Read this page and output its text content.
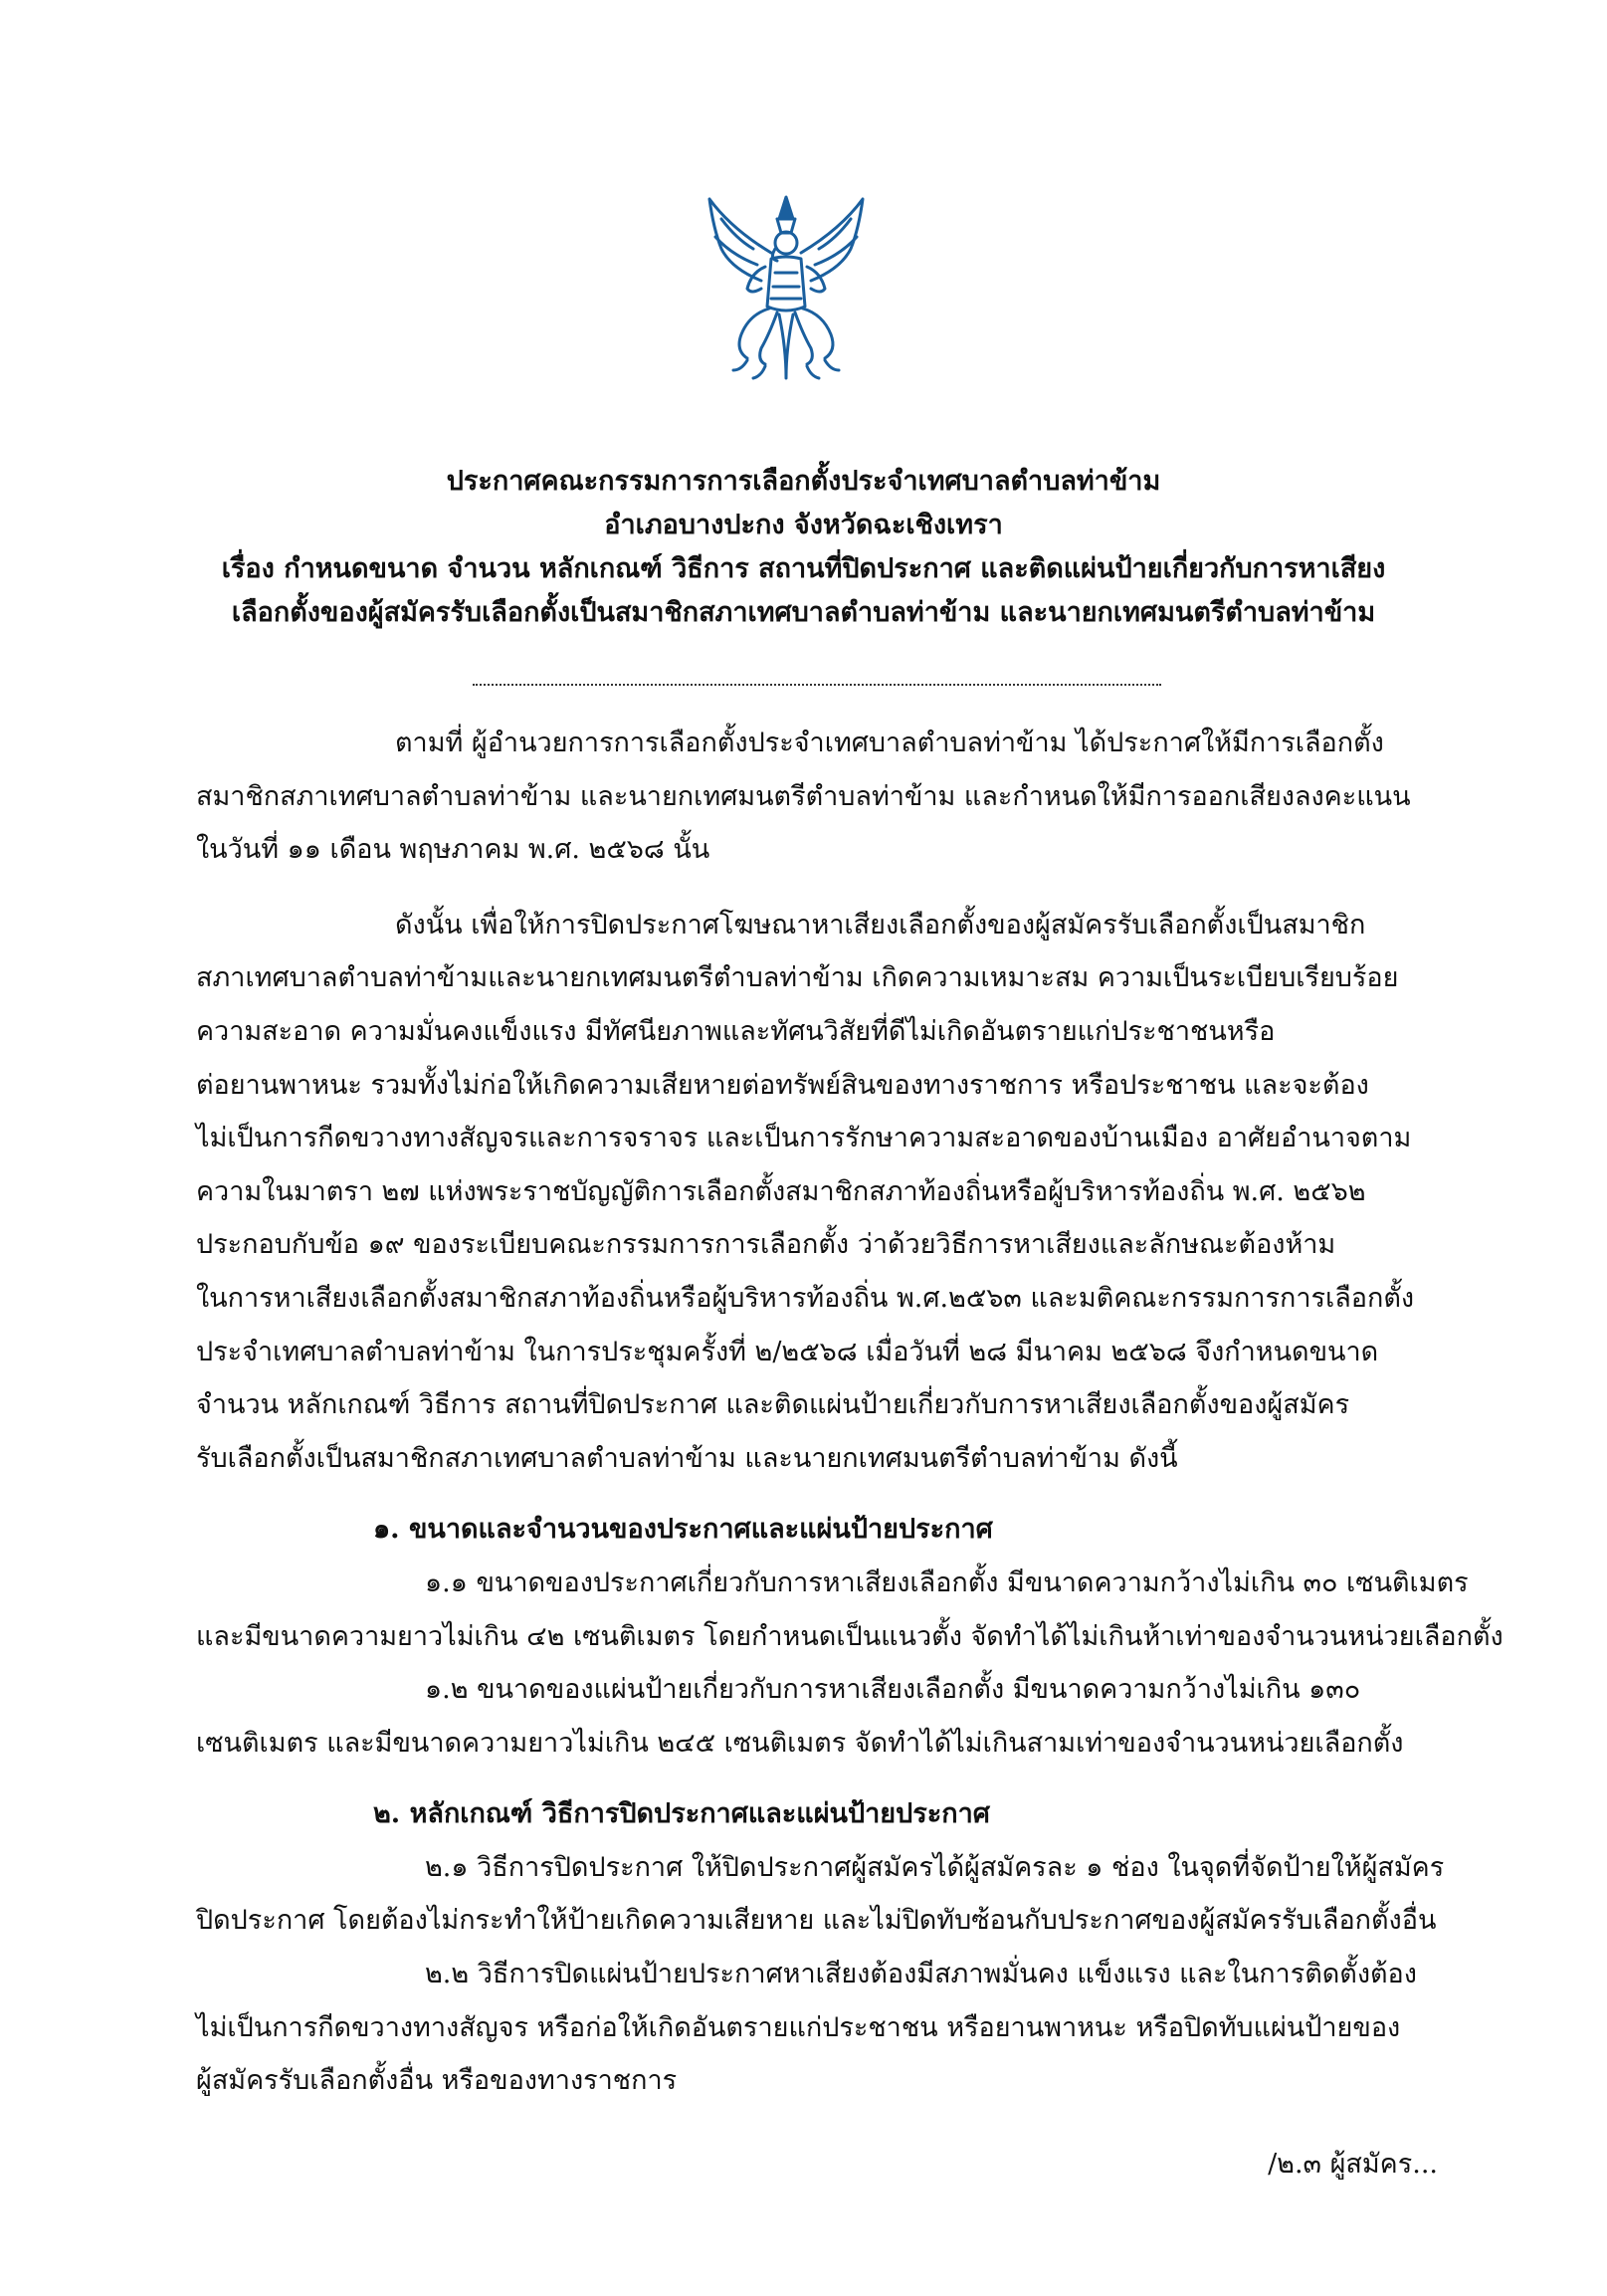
ประกาศคณะกรรมการการเลือกตั้งประจำเทศบาลตำบลท่าข้าม
อำเภอบางปะกง จังหวัดฉะเชิงเทรา
เรื่อง กำหนดขนาด จำนวน หลักเกณฑ์ วิธีการ สถานที่ปิดประกาศ และติดแผ่นป้ายเกี่ยวกับการหาเสียง
เลือกตั้งของผู้สมัครรับเลือกตั้งเป็นสมาชิกสภาเทศบาลตำบลท่าข้าม และนายกเทศมนตรีตำบลท่าข้าม
ตามที่ ผู้อำนวยการการเลือกตั้งประจำเทศบาลตำบลท่าข้าม ได้ประกาศให้มีการเลือกตั้ง
สมาชิกสภาเทศบาลตำบลท่าข้าม และนายกเทศมนตรีตำบลท่าข้าม และกำหนดให้มีการออกเสียงลงคะแนน
ในวันที่ ๑๑ เดือน พฤษภาคม พ.ศ. ๒๕๖๘ นั้น
ดังนั้น เพื่อให้การปิดประกาศโฆษณาหาเสียงเลือกตั้งของผู้สมัครรับเลือกตั้งเป็นสมาชิก
สภาเทศบาลตำบลท่าข้ามและนายกเทศมนตรีตำบลท่าข้าม เกิดความเหมาะสม ความเป็นระเบียบเรียบร้อย
ความสะอาด ความมั่นคงแข็งแรง มีทัศนียภาพและทัศนวิสัยที่ดีไม่เกิดอันตรายแก่ประชาชนหรือ
ต่อยานพาหนะ รวมทั้งไม่ก่อให้เกิดความเสียหายต่อทรัพย์สินของทางราชการ หรือประชาชน และจะต้อง
ไม่เป็นการกีดขวางทางสัญจรและการจราจร และเป็นการรักษาความสะอาดของบ้านเมือง อาศัยอำนาจตาม
ความในมาตรา ๒๗ แห่งพระราชบัญญัติการเลือกตั้งสมาชิกสภาท้องถิ่นหรือผู้บริหารท้องถิ่น พ.ศ. ๒๕๖๒
ประกอบกับข้อ ๑๙ ของระเบียบคณะกรรมการการเลือกตั้ง ว่าด้วยวิธีการหาเสียงและลักษณะต้องห้าม
ในการหาเสียงเลือกตั้งสมาชิกสภาท้องถิ่นหรือผู้บริหารท้องถิ่น พ.ศ.๒๕๖๓ และมติคณะกรรมการการเลือกตั้ง
ประจำเทศบาลตำบลท่าข้าม ในการประชุมครั้งที่ ๒/๒๕๖๘ เมื่อวันที่ ๒๘ มีนาคม ๒๕๖๘ จึงกำหนดขนาด
จำนวน หลักเกณฑ์ วิธีการ สถานที่ปิดประกาศ และติดแผ่นป้ายเกี่ยวกับการหาเสียงเลือกตั้งของผู้สมัคร
รับเลือกตั้งเป็นสมาชิกสภาเทศบาลตำบลท่าข้าม และนายกเทศมนตรีตำบลท่าข้าม ดังนี้
๑. ขนาดและจำนวนของประกาศและแผ่นป้ายประกาศ
๑.๑ ขนาดของประกาศเกี่ยวกับการหาเสียงเลือกตั้ง มีขนาดความกว้างไม่เกิน ๓๐ เซนติเมตร
และมีขนาดความยาวไม่เกิน ๔๒ เซนติเมตร โดยกำหนดเป็นแนวตั้ง จัดทำได้ไม่เกินห้าเท่าของจำนวนหน่วยเลือกตั้ง
๑.๒ ขนาดของแผ่นป้ายเกี่ยวกับการหาเสียงเลือกตั้ง มีขนาดความกว้างไม่เกิน ๑๓๐
เซนติเมตร และมีขนาดความยาวไม่เกิน ๒๔๕ เซนติเมตร จัดทำได้ไม่เกินสามเท่าของจำนวนหน่วยเลือกตั้ง
๒. หลักเกณฑ์ วิธีการปิดประกาศและแผ่นป้ายประกาศ
๒.๑ วิธีการปิดประกาศ ให้ปิดประกาศผู้สมัครได้ผู้สมัครละ ๑ ช่อง ในจุดที่จัดป้ายให้ผู้สมัคร
ปิดประกาศ โดยต้องไม่กระทำให้ป้ายเกิดความเสียหาย และไม่ปิดทับซ้อนกับประกาศของผู้สมัครรับเลือกตั้งอื่น
๒.๒ วิธีการปิดแผ่นป้ายประกาศหาเสียงต้องมีสภาพมั่นคง แข็งแรง และในการติดตั้งต้อง
ไม่เป็นการกีดขวางทางสัญจร หรือก่อให้เกิดอันตรายแก่ประชาชน หรือยานพาหนะ หรือปิดทับแผ่นป้ายของ
ผู้สมัครรับเลือกตั้งอื่น หรือของทางราชการ
/๒.๓ ผู้สมัคร...
